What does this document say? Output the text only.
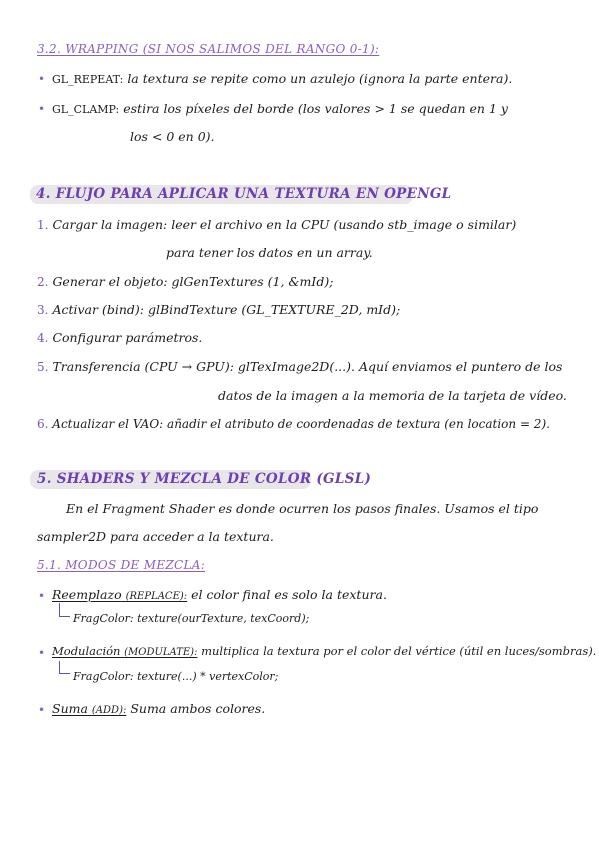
3.2. WRAPPING (SI NOS SALIMOS DEL RANGO 0-1):
• GL_REPEAT: la textura se repite como un azulejo (ignora la parte entera).
• GL_CLAMP: estira los píxeles del borde (los valores > 1 se quedan en 1 y
los < 0 en 0).
4. FLUJO PARA APLICAR UNA TEXTURA EN OPENGL
1. Cargar la imagen: leer el archivo en la CPU (usando stb_image o similar)
para tener los datos en un array.
2. Generar el objeto: glGenTextures (1, &mId);
3. Activar (bind): glBindTexture (GL_TEXTURE_2D, mId);
4. Configurar parámetros.
5. Transferencia (CPU → GPU): glTexImage2D(...). Aquí enviamos el puntero de los
datos de la imagen a la memoria de la tarjeta de vídeo.
6. Actualizar el VAO: añadir el atributo de coordenadas de textura (en location = 2).
5. SHADERS Y MEZCLA DE COLOR (GLSL)
En el Fragment Shader es donde ocurren los pasos finales. Usamos el tipo
sampler2D para acceder a la textura.
5.1. MODOS DE MEZCLA:
• Reemplazo (REPLACE): el color final es solo la textura.
FragColor: texture(ourTexture, texCoord);
• Modulación (MODULATE): multiplica la textura por el color del vértice (útil en luces/sombras).
FragColor: texture(...) * vertexColor;
• Suma (ADD): Suma ambos colores.
